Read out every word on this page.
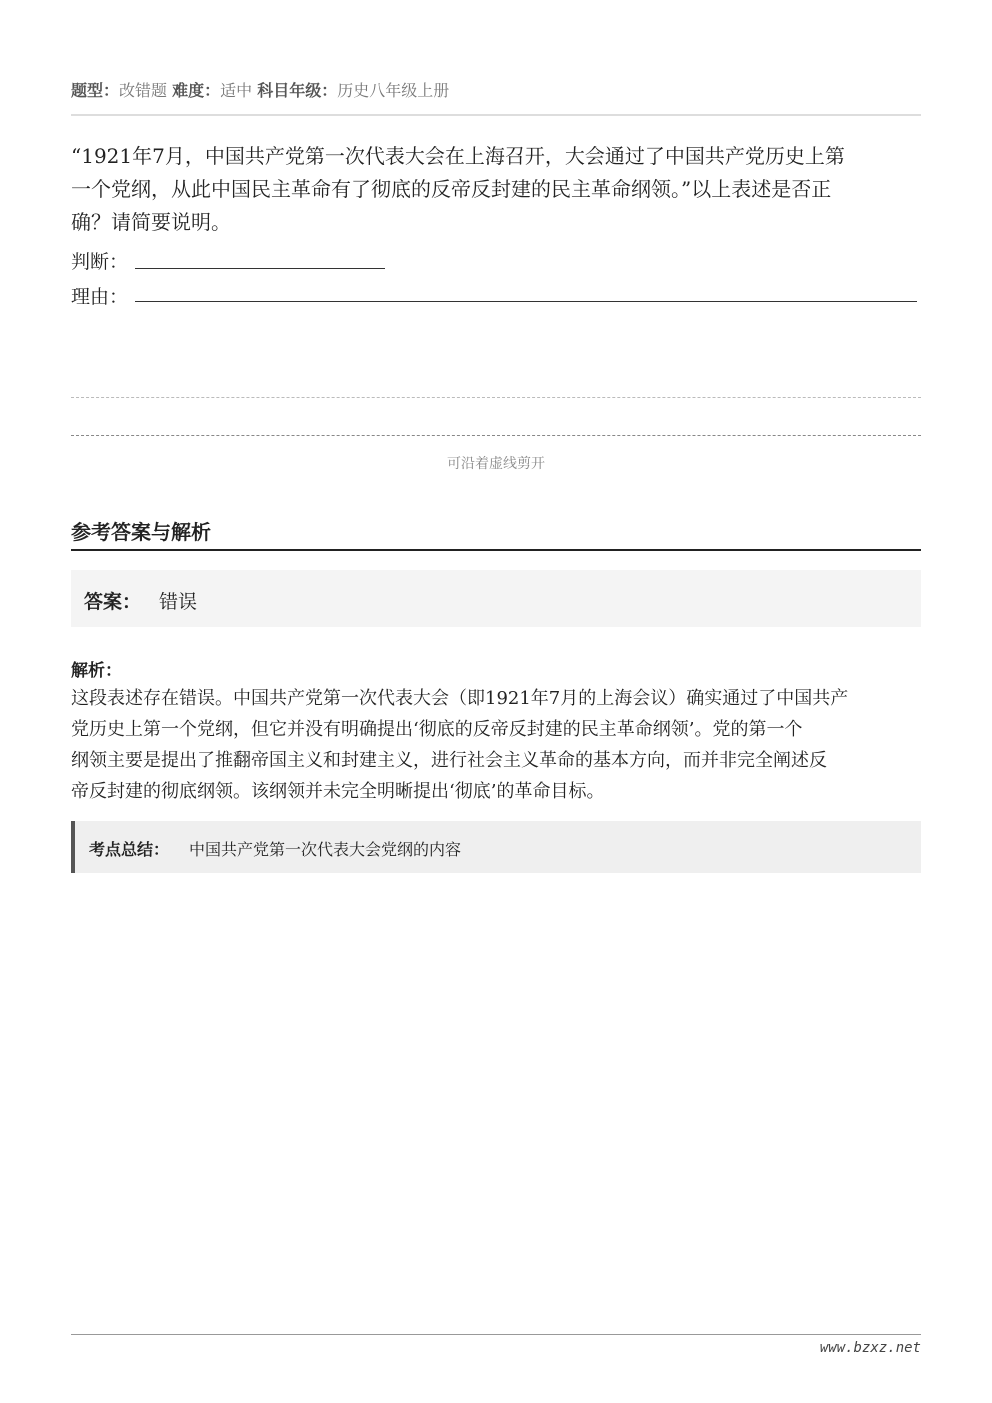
题型：改错题 难度：适中 科目年级：历史八年级上册
“1921年7月，中国共产党第一次代表大会在上海召开，大会通过了中国共产党历史上第
一个党纲，从此中国民主革命有了彻底的反帝反封建的民主革命纲领。”以上表述是否正
确？请简要说明。
判断：
理由：
可沿着虚线剪开
参考答案与解析
答案： 错误
解析：
这段表述存在错误。中国共产党第一次代表大会（即1921年7月的上海会议）确实通过了中国共产
党历史上第一个党纲，但它并没有明确提出‘彻底的反帝反封建的民主革命纲领’。党的第一个
纲领主要是提出了推翻帝国主义和封建主义，进行社会主义革命的基本方向，而并非完全阐述反
帝反封建的彻底纲领。该纲领并未完全明晰提出‘彻底’的革命目标。
考点总结： 中国共产党第一次代表大会党纲的内容
www.bzxz.net
